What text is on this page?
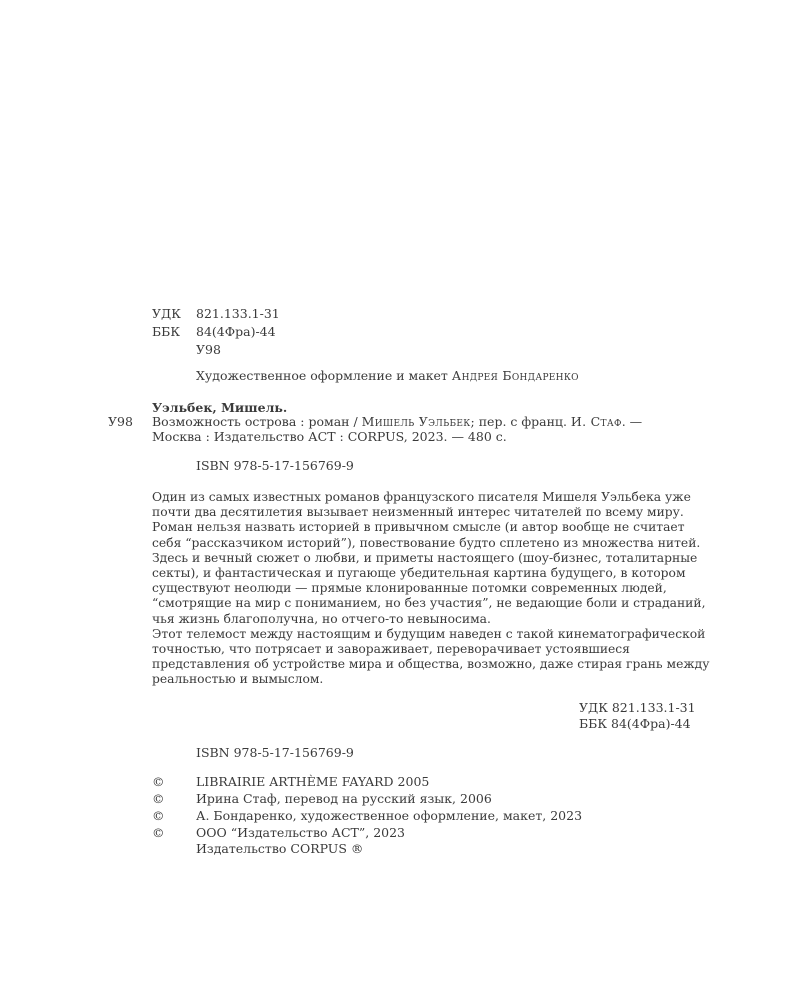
УДК 821.133.1-31
ББК 84(4Фра)-44
У98
Художественное оформление и макет Андрея Бондаренко
Уэльбек, Мишель.
У98 Возможность острова : роман / Мишель Уэльбек; пер. с франц. И. Стаф. —
Москва : Издательство АСТ : CORPUS, 2023. — 480 с.
ISBN 978-5-17-156769-9

Один из самых известных романов французского писателя Мишеля Уэльбека уже почти два десятилетия вызывает неизменный интерес читателей по всему миру. Роман нельзя назвать историей в привычном смысле (и автор вообще не считает себя “рассказчиком историй”), повествование будто сплетено из множества нитей. Здесь и вечный сюжет о любви, и приметы настоящего (шоу-бизнес, тоталитарные секты), и фантастическая и пугающе убедительная картина будущего, в котором существуют неолюди — прямые клонированные потомки современных людей, “смотрящие на мир с пониманием, но без участия”, не ведающие боли и страданий, чья жизнь благополучна, но отчего-то невыносима.

Этот телемост между настоящим и будущим наведен с такой кинематографической точностью, что потрясает и завораживает, переворачивает устоявшиеся представления об устройстве мира и общества, возможно, даже стирая грань между реальностью и вымыслом.

УДК 821.133.1-31
ББК 84(4Фра)-44
ISBN 978-5-17-156769-9
©	LIBRAIRIE ARTHÈME FAYARD 2005
©	Ирина Стаф, перевод на русский язык, 2006
©	А. Бондаренко, художественное оформление, макет, 2023
©	ООО “Издательство АСТ”, 2023
Издательство CORPUS ®
